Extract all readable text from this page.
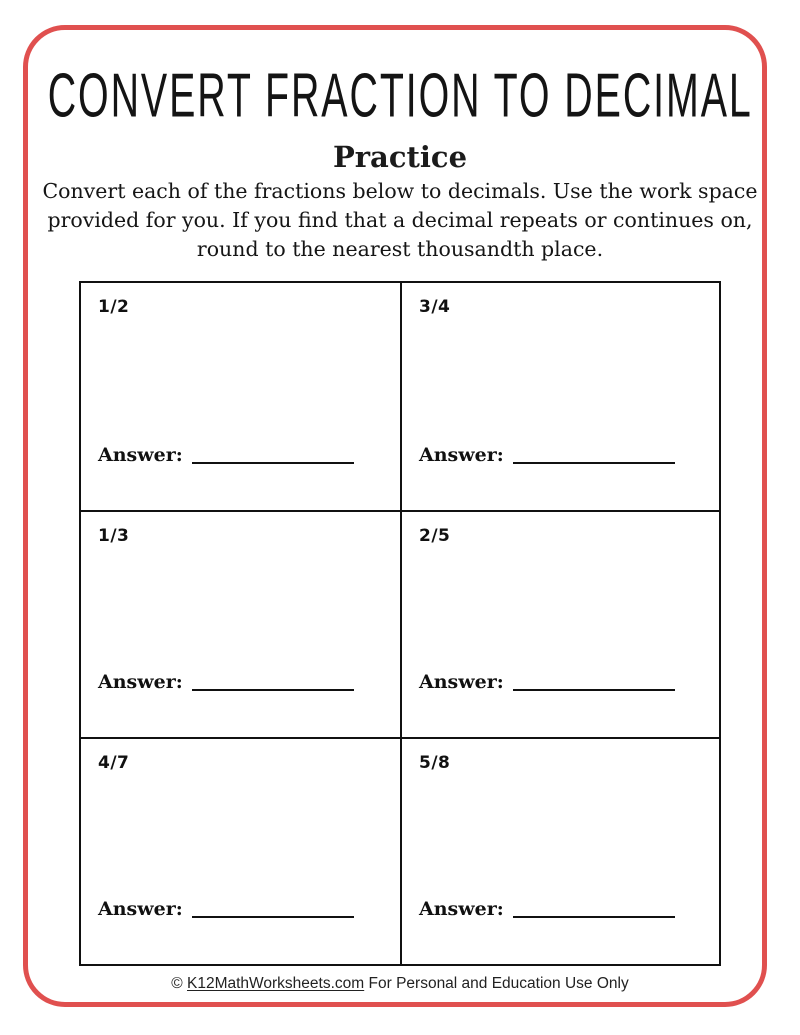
CONVERT FRACTION TO DECIMAL
Practice
Convert each of the fractions below to decimals. Use the work space
provided for you. If you find that a decimal repeats or continues on,
round to the nearest thousandth place.
1/2
Answer:
3/4
Answer:
1/3
Answer:
2/5
Answer:
4/7
Answer:
5/8
Answer:
© K12MathWorksheets.com For Personal and Education Use Only
